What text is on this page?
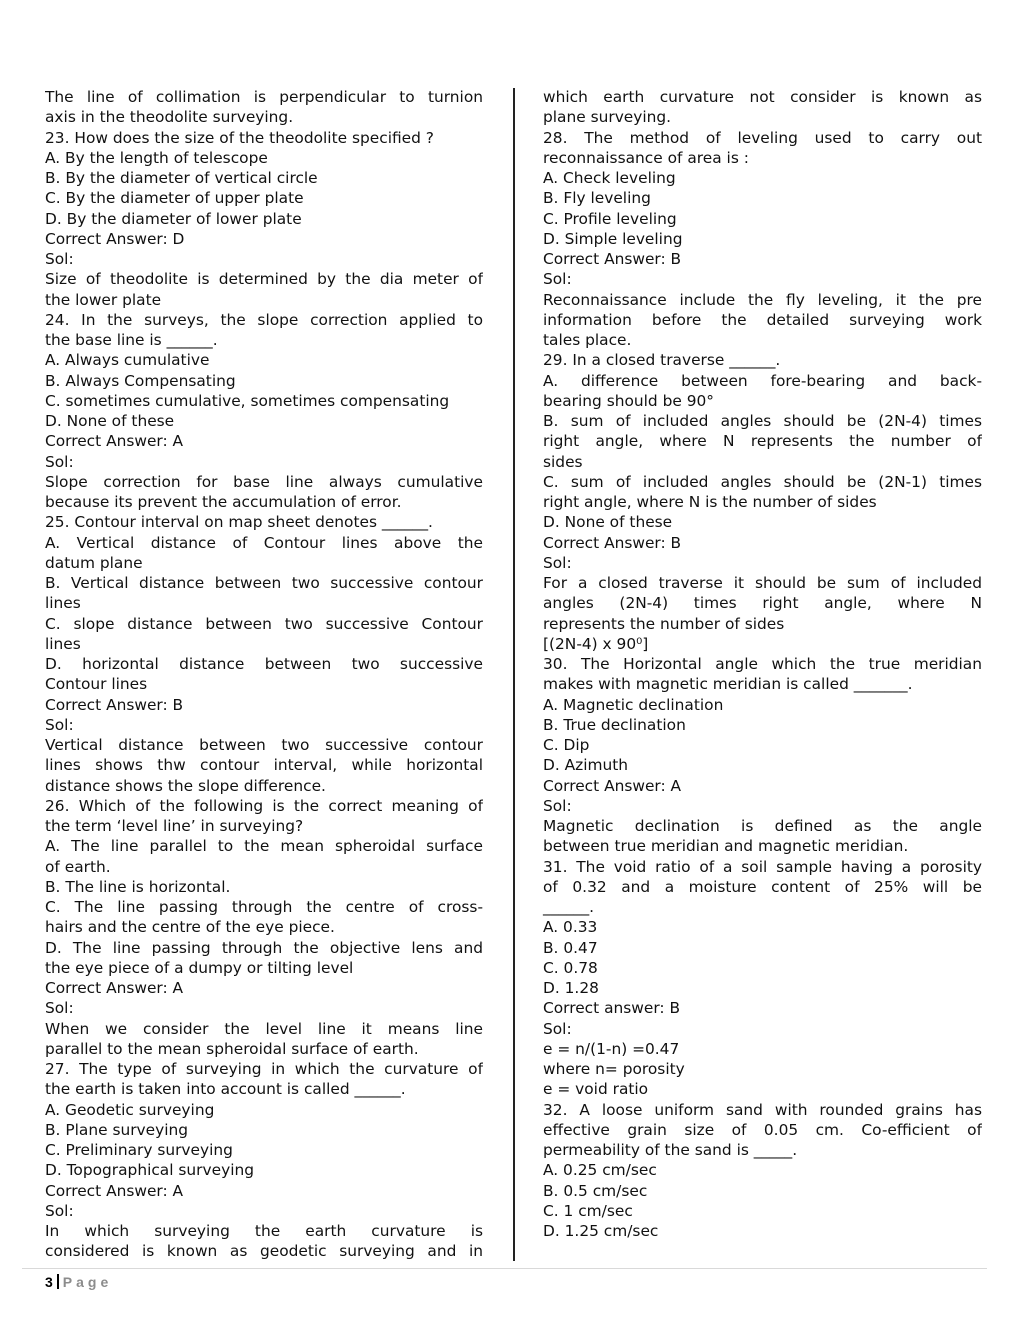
The line of collimation is perpendicular to turnion
axis in the theodolite surveying.
23. How does the size of the theodolite specified ?
A. By the length of telescope
B. By the diameter of vertical circle
C. By the diameter of upper plate
D. By the diameter of lower plate
Correct Answer: D
Sol:
Size of theodolite is determined by the dia meter of
the lower plate
24. In the surveys, the slope correction applied to
the base line is ______.
A. Always cumulative
B. Always Compensating
C. sometimes cumulative, sometimes compensating
D. None of these
Correct Answer: A
Sol:
Slope correction for base line always cumulative
because its prevent the accumulation of error.
25. Contour interval on map sheet denotes ______.
A. Vertical distance of Contour lines above the
datum plane
B. Vertical distance between two successive contour
lines
C. slope distance between two successive Contour
lines
D. horizontal distance between two successive
Contour lines
Correct Answer: B
Sol:
Vertical distance between two successive contour
lines shows thw contour interval, while horizontal
distance shows the slope difference.
26. Which of the following is the correct meaning of
the term ‘level line’ in surveying?
A. The line parallel to the mean spheroidal surface
of earth.
B. The line is horizontal.
C. The line passing through the centre of cross-
hairs and the centre of the eye piece.
D. The line passing through the objective lens and
the eye piece of a dumpy or tilting level
Correct Answer: A
Sol:
When we consider the level line it means line
parallel to the mean spheroidal surface of earth.
27. The type of surveying in which the curvature of
the earth is taken into account is called ______.
A. Geodetic surveying
B. Plane surveying
C. Preliminary surveying
D. Topographical surveying
Correct Answer: A
Sol:
In which surveying the earth curvature is
considered is known as geodetic surveying and in
which earth curvature not consider is known as
plane surveying.
28. The method of leveling used to carry out
reconnaissance of area is :
A. Check leveling
B. Fly leveling
C. Profile leveling
D. Simple leveling
Correct Answer: B
Sol:
Reconnaissance include the fly leveling, it the pre
information before the detailed surveying work
tales place.
29. In a closed traverse ______.
A. difference between fore-bearing and back-
bearing should be 90°
B. sum of included angles should be (2N-4) times
right angle, where N represents the number of
sides
C. sum of included angles should be (2N-1) times
right angle, where N is the number of sides
D. None of these
Correct Answer: B
Sol:
For a closed traverse it should be sum of included
angles (2N-4) times right angle, where N
represents the number of sides
[(2N-4) x 90⁰]
30. The Horizontal angle which the true meridian
makes with magnetic meridian is called _______.
A. Magnetic declination
B. True declination
C. Dip
D. Azimuth
Correct Answer: A
Sol:
Magnetic declination is defined as the angle
between true meridian and magnetic meridian.
31. The void ratio of a soil sample having a porosity
of 0.32 and a moisture content of 25% will be
______.
A. 0.33
B. 0.47
C. 0.78
D. 1.28
Correct answer: B
Sol:
e = n/(1-n) =0.47
where n= porosity
e = void ratio
32. A loose uniform sand with rounded grains has
effective grain size of 0.05 cm. Co-efficient of
permeability of the sand is _____.
A. 0.25 cm/sec
B. 0.5 cm/sec
C. 1 cm/sec
D. 1.25 cm/sec
3 Page
